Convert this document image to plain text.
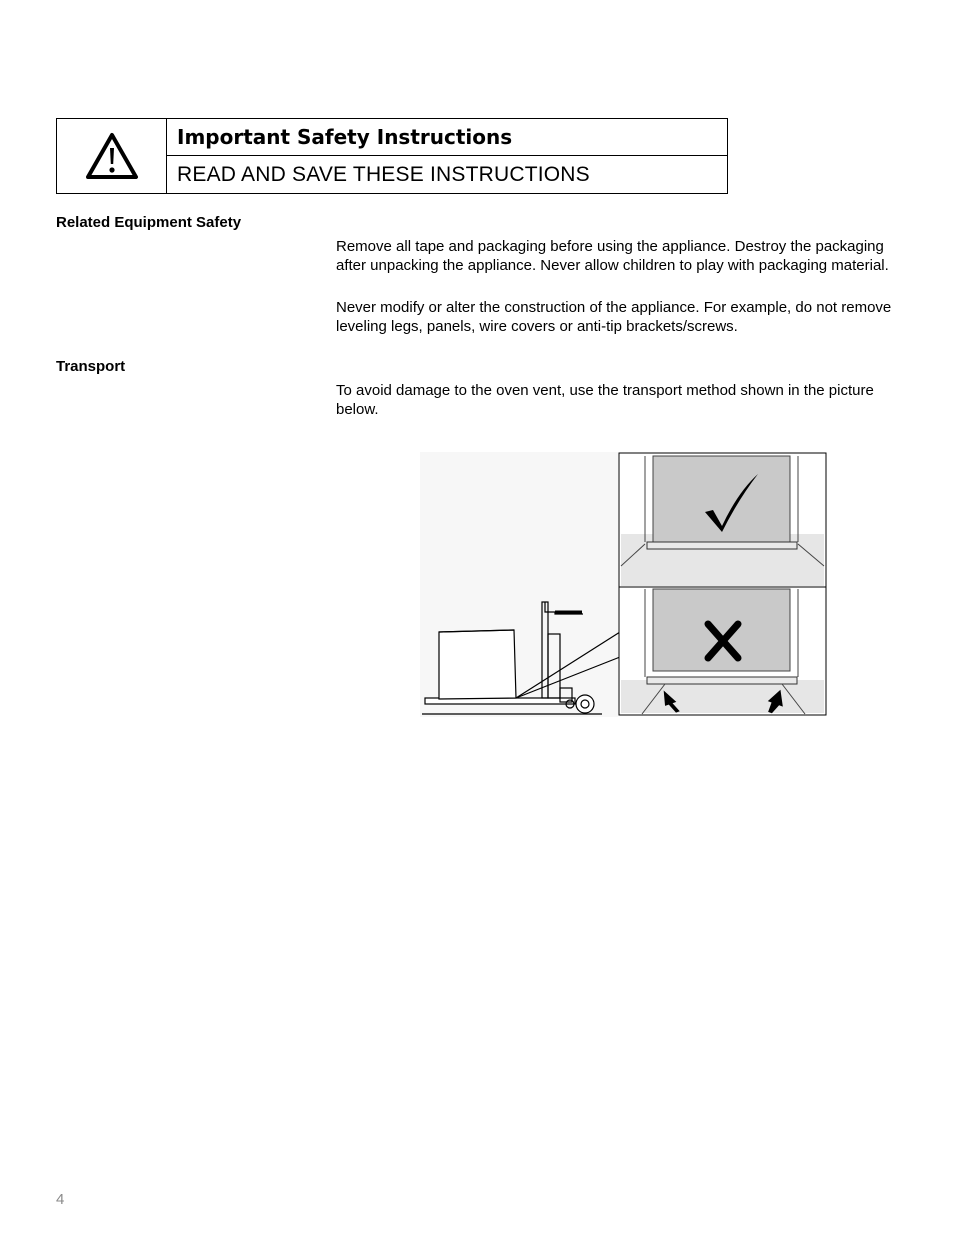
Important Safety Instructions
READ AND SAVE THESE INSTRUCTIONS
Related Equipment Safety

Remove all tape and packaging before using the appliance. Destroy the packaging after unpacking the appliance. Never allow children to play with packaging material.

Never modify or alter the construction of the appliance. For example, do not remove leveling legs, panels, wire covers or anti-tip brackets/screws.

Transport

To avoid damage to the oven vent, use the transport method shown in the picture below.

4
